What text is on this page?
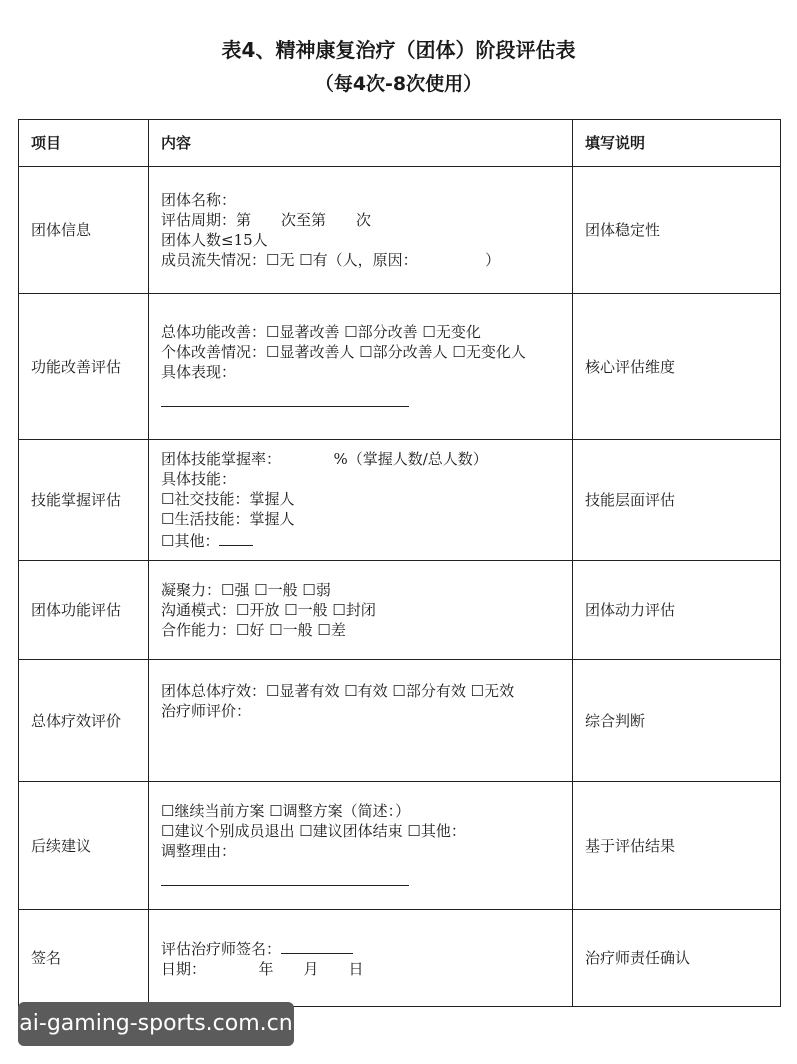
表4、精神康复治疗（团体）阶段评估表
（每4次-8次使用）
项目	内容	填写说明
团体信息	团体名称：
评估周期：第　　次至第　　次
团体人数≤15人
成员流失情况：☐无 ☐有（人，原因：　　　　　）	团体稳定性
功能改善评估	总体功能改善：☐显著改善 ☐部分改善 ☐无变化
个体改善情况：☐显著改善人 ☐部分改善人 ☐无变化人
具体表现：	核心评估维度
技能掌握评估	团体技能掌握率：　　　　%（掌握人数/总人数）
具体技能：
☐社交技能：掌握人
☐生活技能：掌握人
☐其他：	技能层面评估
团体功能评估	凝聚力：☐强 ☐一般 ☐弱
沟通模式：☐开放 ☐一般 ☐封闭
合作能力：☐好 ☐一般 ☐差	团体动力评估
总体疗效评价	团体总体疗效：☐显著有效 ☐有效 ☐部分有效 ☐无效
治疗师评价：	综合判断
后续建议	☐继续当前方案 ☐调整方案（简述：）
☐建议个别成员退出 ☐建议团体结束 ☐其他：
调整理由：	基于评估结果
签名	评估治疗师签名：
日期：　　　　年　　月　　日	治疗师责任确认
ai-gaming-sports.com.cn
